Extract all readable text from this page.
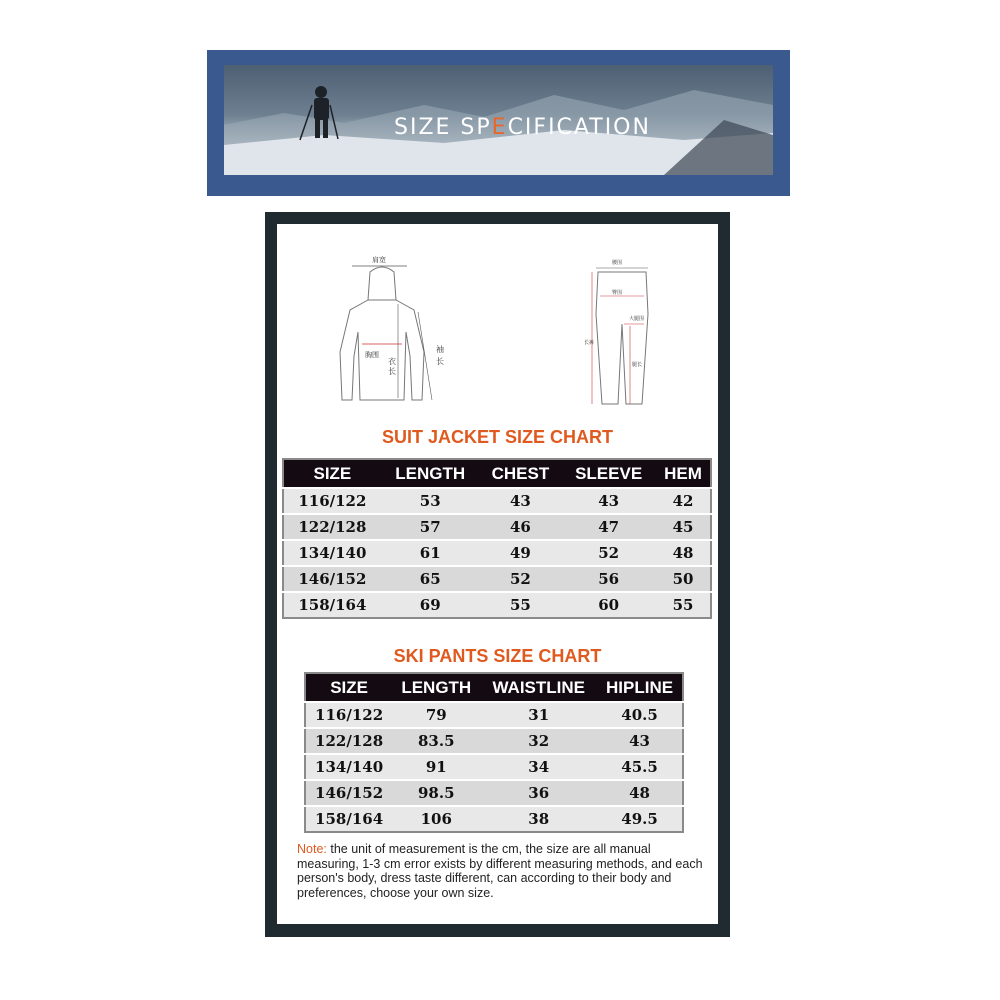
SIZE SPECIFICATION
肩宽
胸围
衣
长
袖
长
腰围
臀围
大腿围
长裤
腿长
SUIT JACKET SIZE CHART
SIZE	LENGTH	CHEST	SLEEVE	HEM
116/122	53	43	43	42
122/128	57	46	47	45
134/140	61	49	52	48
146/152	65	52	56	50
158/164	69	55	60	55
SKI PANTS SIZE CHART
SIZE	LENGTH	WAISTLINE	HIPLINE
116/122	79	31	40.5
122/128	83.5	32	43
134/140	91	34	45.5
146/152	98.5	36	48
158/164	106	38	49.5
Note: the unit of measurement is the cm, the size are all manual measuring, 1-3 cm error exists by different measuring methods, and each person's body, dress taste different, can according to their body and preferences, choose your own size.
